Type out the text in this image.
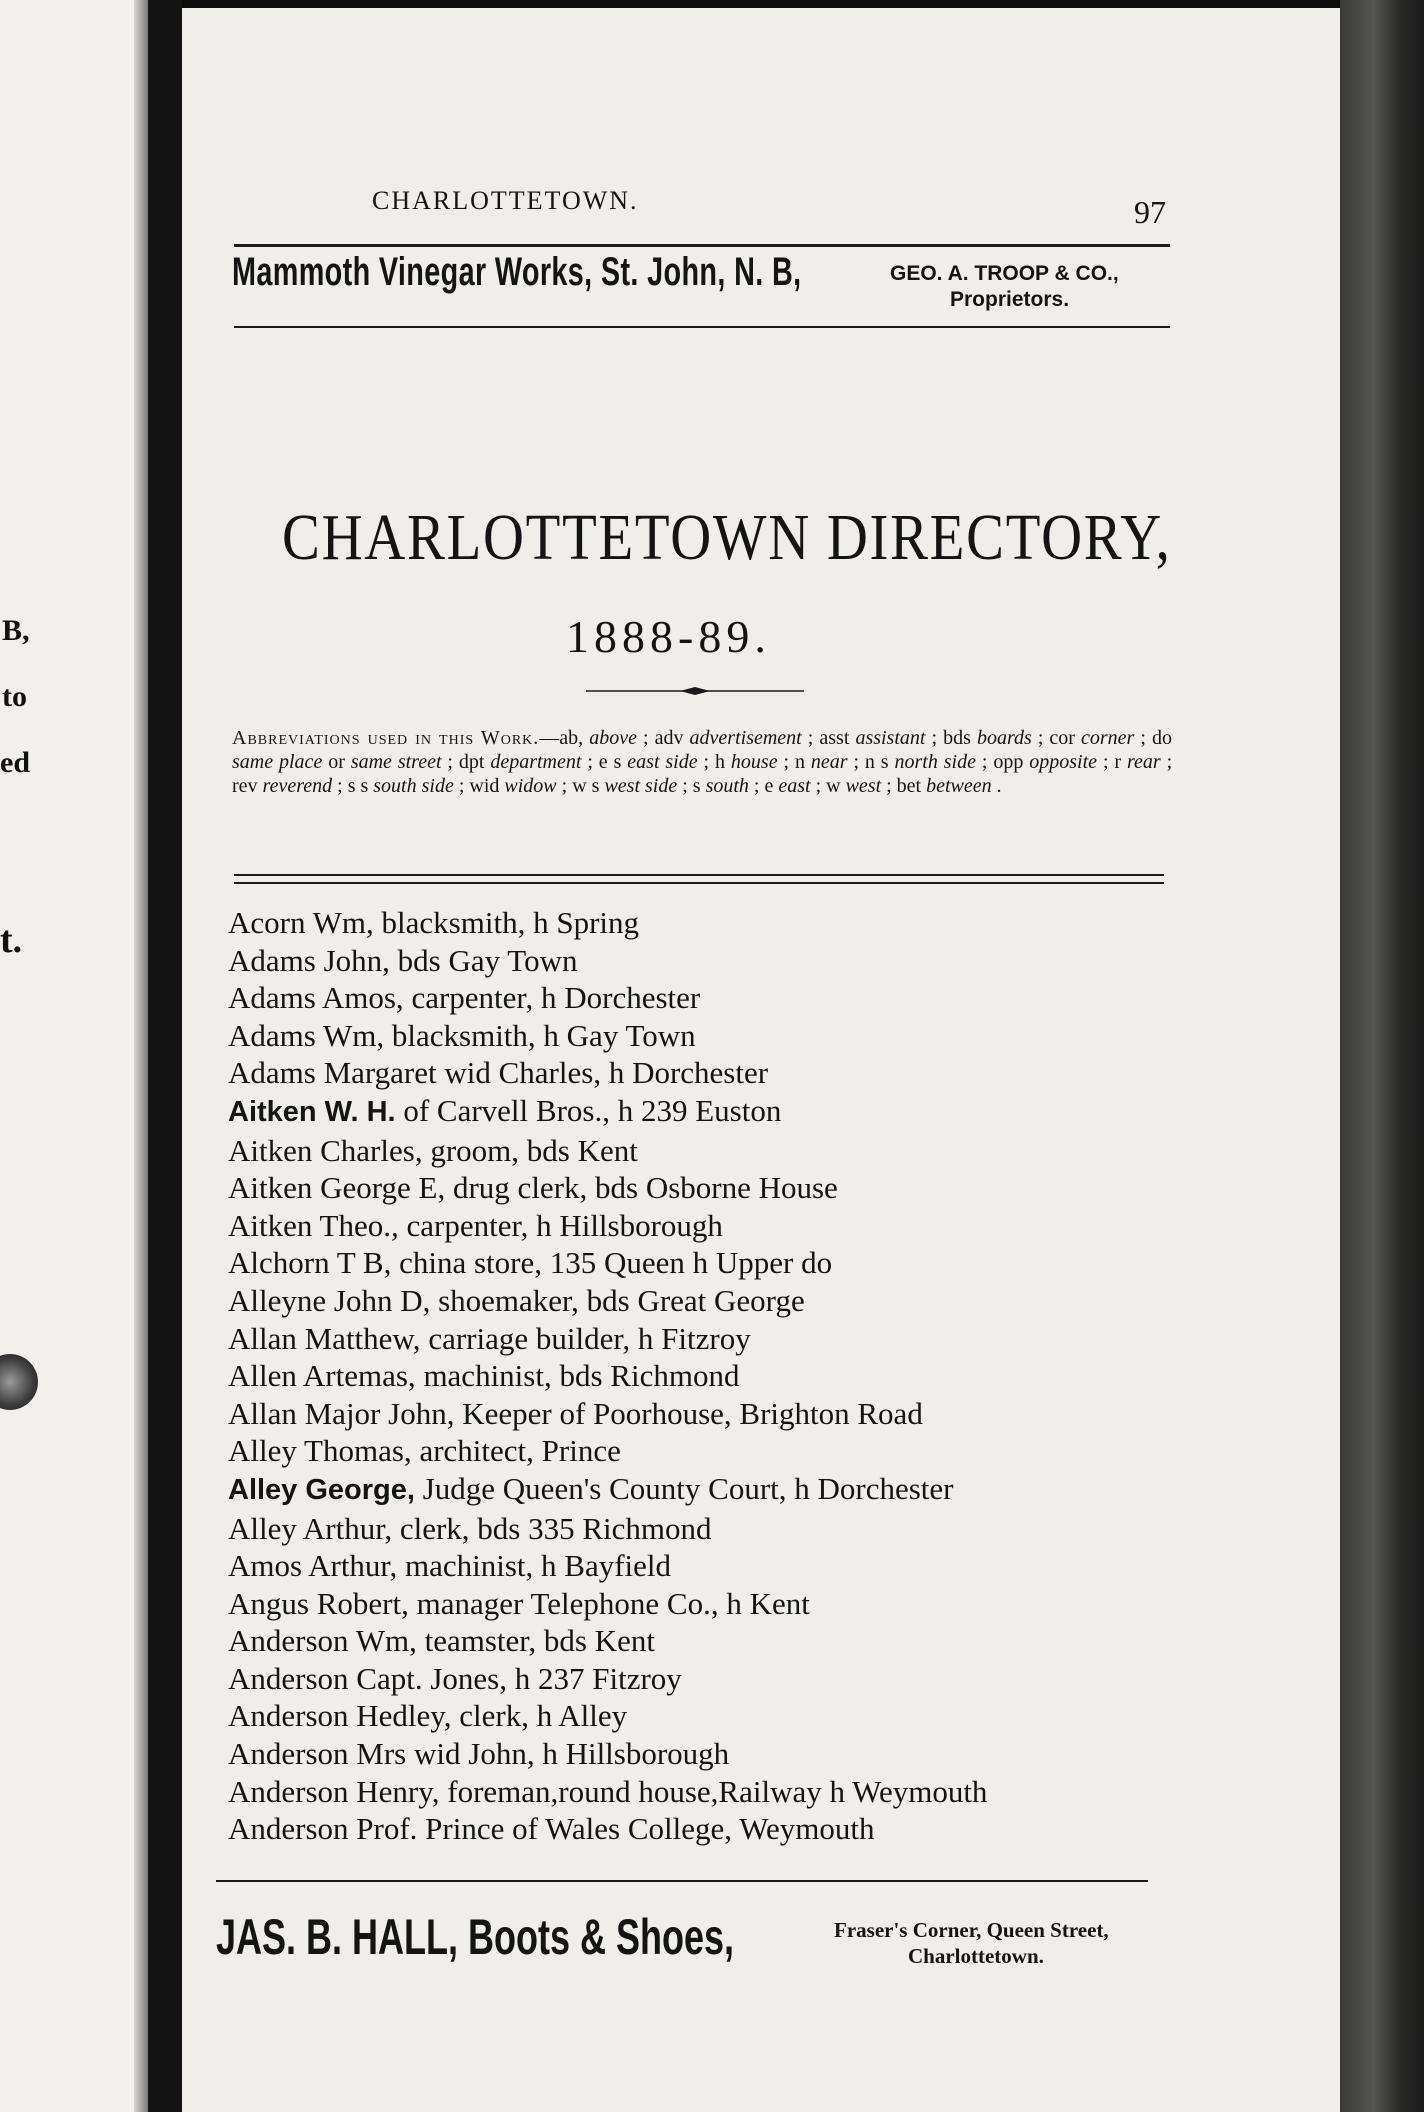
B,
to
ed
t.
CHARLOTTETOWN.	97
Mammoth Vinegar Works, St. John, N. B,	GEO. A. TROOP & CO.,
Proprietors.
CHARLOTTETOWN DIRECTORY,
1888-89.
Abbreviations used in this Work.—ab, above ; adv advertisement ; asst assistant ; bds boards ; cor corner ; do same place or same street ; dpt department ; e s east side ; h house ; n near ; n s north side ; opp opposite ; r rear ; rev reverend ; s s south side ; wid widow ; w s west side ; s south ; e east ; w west ; bet between .
Acorn Wm, blacksmith, h Spring
Adams John, bds Gay Town
Adams Amos, carpenter, h Dorchester
Adams Wm, blacksmith, h Gay Town
Adams Margaret wid Charles, h Dorchester
Aitken W. H. of Carvell Bros., h 239 Euston
Aitken Charles, groom, bds Kent
Aitken George E, drug clerk, bds Osborne House
Aitken Theo., carpenter, h Hillsborough
Alchorn T B, china store, 135 Queen h Upper do
Alleyne John D, shoemaker, bds Great George
Allan Matthew, carriage builder, h Fitzroy
Allen Artemas, machinist, bds Richmond
Allan Major John, Keeper of Poorhouse, Brighton Road
Alley Thomas, architect, Prince
Alley George, Judge Queen's County Court, h Dorchester
Alley Arthur, clerk, bds 335 Richmond
Amos Arthur, machinist, h Bayfield
Angus Robert, manager Telephone Co., h Kent
Anderson Wm, teamster, bds Kent
Anderson Capt. Jones, h 237 Fitzroy
Anderson Hedley, clerk, h Alley
Anderson Mrs wid John, h Hillsborough
Anderson Henry, foreman,round house,Railway h Weymouth
Anderson Prof. Prince of Wales College, Weymouth
JAS. B. HALL, Boots & Shoes,	Fraser's Corner, Queen Street,
Charlottetown.
